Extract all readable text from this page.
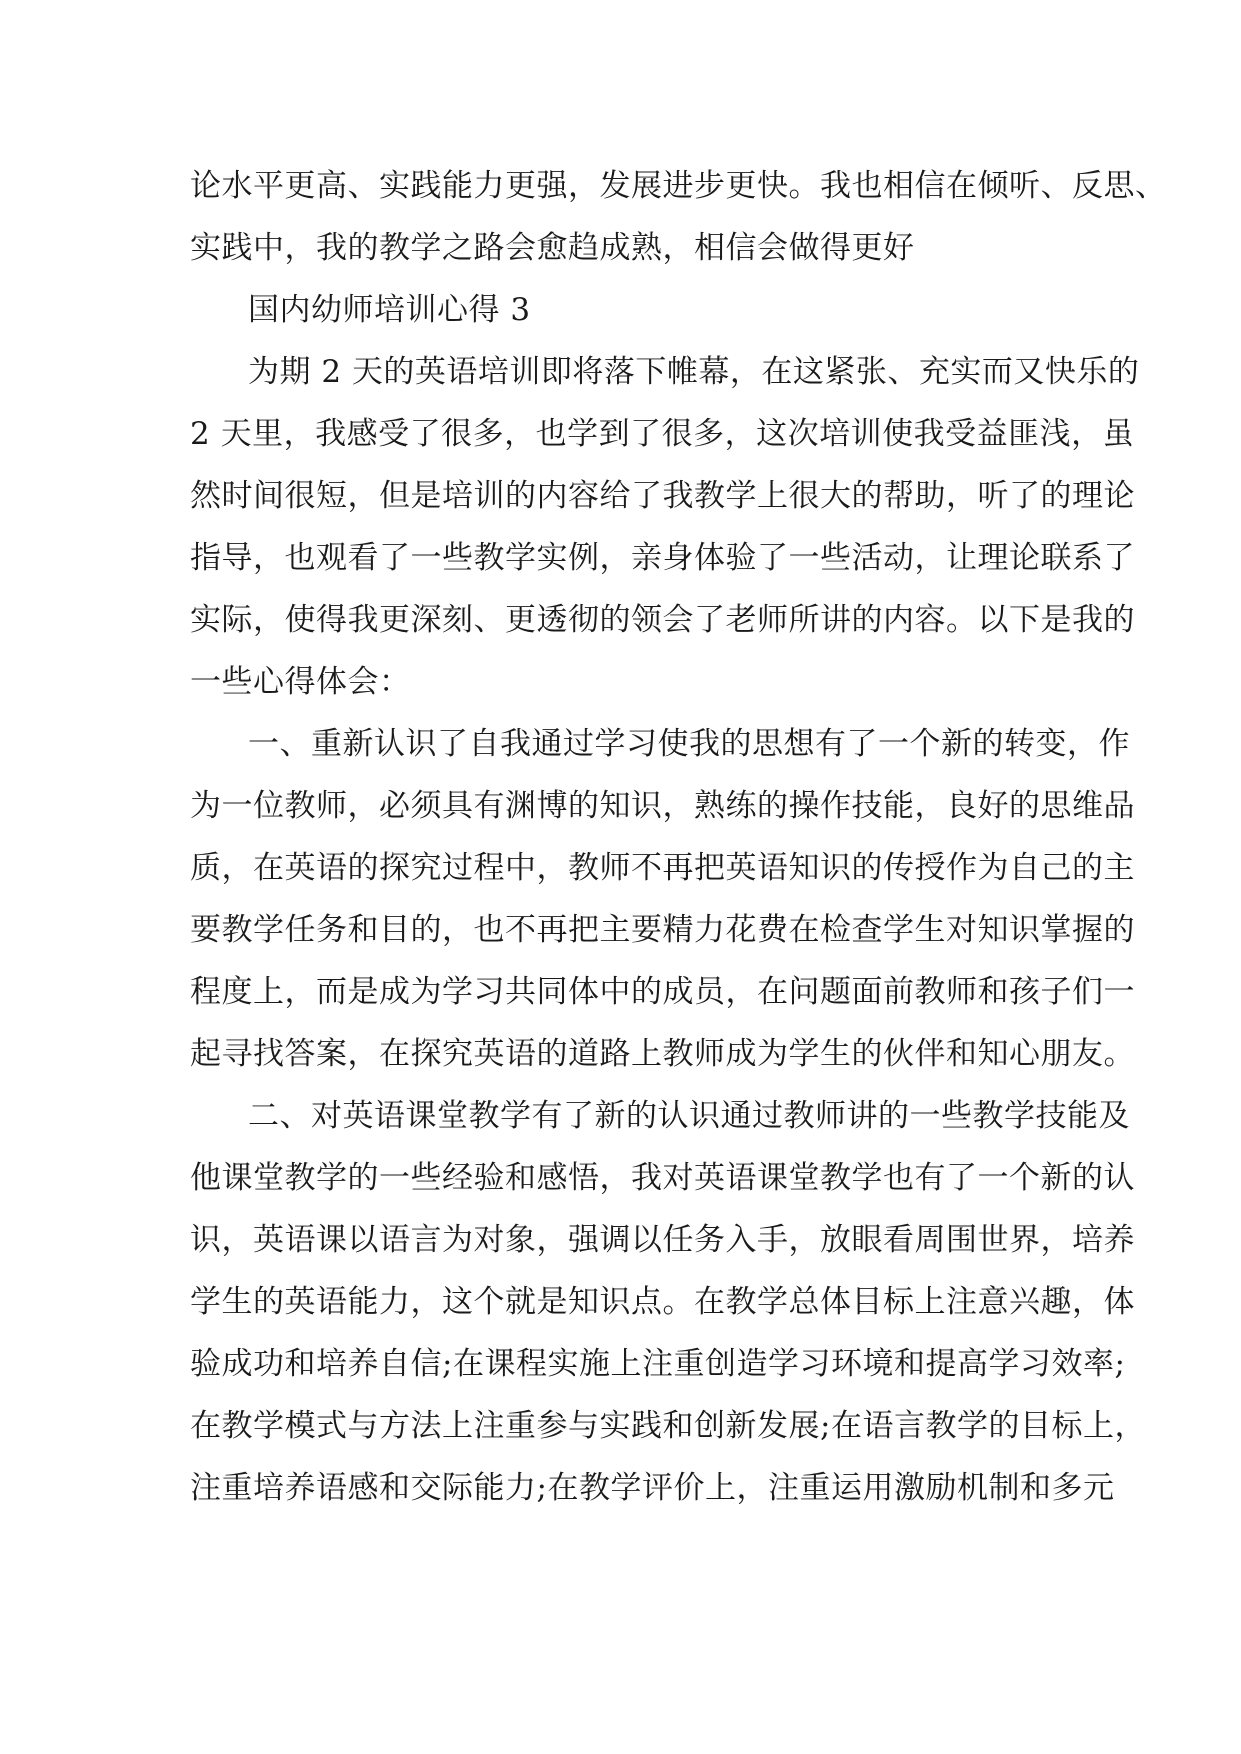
论水平更高、实践能力更强，发展进步更快。我也相信在倾听、反思、
实践中，我的教学之路会愈趋成熟，相信会做得更好
国内幼师培训心得 3
为期 2 天的英语培训即将落下帷幕，在这紧张、充实而又快乐的
2 天里，我感受了很多，也学到了很多，这次培训使我受益匪浅，虽
然时间很短，但是培训的内容给了我教学上很大的帮助，听了的理论
指导，也观看了一些教学实例，亲身体验了一些活动，让理论联系了
实际，使得我更深刻、更透彻的领会了老师所讲的内容。以下是我的
一些心得体会：
一、重新认识了自我通过学习使我的思想有了一个新的转变，作
为一位教师，必须具有渊博的知识，熟练的操作技能，良好的思维品
质，在英语的探究过程中，教师不再把英语知识的传授作为自己的主
要教学任务和目的，也不再把主要精力花费在检查学生对知识掌握的
程度上，而是成为学习共同体中的成员，在问题面前教师和孩子们一
起寻找答案，在探究英语的道路上教师成为学生的伙伴和知心朋友。
二、对英语课堂教学有了新的认识通过教师讲的一些教学技能及
他课堂教学的一些经验和感悟，我对英语课堂教学也有了一个新的认
识，英语课以语言为对象，强调以任务入手，放眼看周围世界，培养
学生的英语能力，这个就是知识点。在教学总体目标上注意兴趣，体
验成功和培养自信;在课程实施上注重创造学习环境和提高学习效率;
在教学模式与方法上注重参与实践和创新发展;在语言教学的目标上，
注重培养语感和交际能力;在教学评价上，注重运用激励机制和多元
